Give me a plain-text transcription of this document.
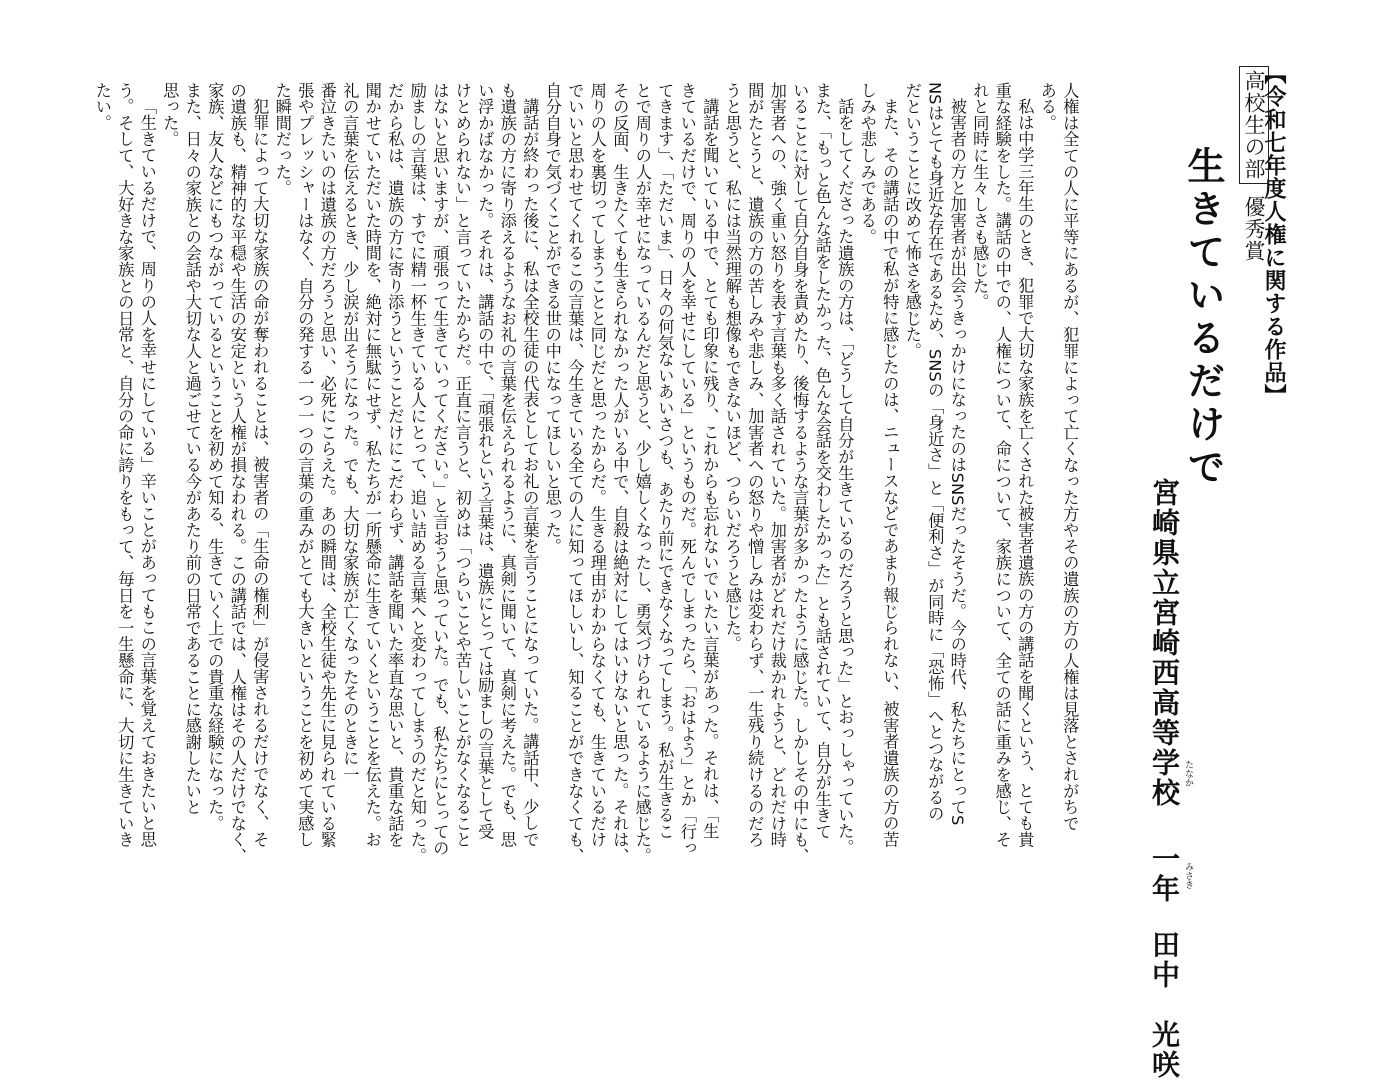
【令和七年度人権に関する作品】
高校生の部優秀賞
生きているだけで
宮崎県立宮崎西高等学校一年田中光咲
たなか
みさき
人権は全ての人に平等にあるが、犯罪によって亡くなった方やその遺族の方の人権は見落とされがちで
ある。
私は中学三年生のとき、犯罪で大切な家族を亡くされた被害者遺族の方の講話を聞くという、とても貴
重な経験をした。講話の中での、人権について、命について、家族について、全ての話に重みを感じ、そ
れと同時に生々しさも感じた。
被害者の方と加害者が出会うきっかけになったのはSNSだったそうだ。今の時代、私たちにとってS
NSはとても身近な存在であるため、SNSの「身近さ」と「便利さ」が同時に「恐怖」へとつながるの
だということに改めて怖さを感じた。
また、その講話の中で私が特に感じたのは、ニュースなどであまり報じられない、被害者遺族の方の苦
しみや悲しみである。
話をしてくださった遺族の方は、「どうして自分が生きているのだろうと思った」とおっしゃっていた。
また、「もっと色んな話をしたかった、色んな会話を交わしたかった」とも話されていて、自分が生きて
いることに対して自分自身を責めたり、後悔するような言葉が多かったように感じた。しかしその中にも、
加害者への、強く重い怒りを表す言葉も多く話されていた。加害者がどれだけ裁かれようと、どれだけ時
間がたとうと、遺族の方の苦しみや悲しみ、加害者への怒りや憎しみは変わらず、一生残り続けるのだろ
うと思うと、私には当然理解も想像もできないほど、つらいだろうと感じた。
講話を聞いている中で、とても印象に残り、これからも忘れないでいたい言葉があった。それは、「生
きているだけで、周りの人を幸せにしている」というものだ。死んでしまったら、「おはよう」とか「行っ
てきます」、「ただいま」、日々の何気ないあいさつも、あたり前にできなくなってしまう。私が生きるこ
とで周りの人が幸せになっているんだと思うと、少し嬉しくなったし、勇気づけられているように感じた。
その反面、生きたくても生きられなかった人がいる中で、自殺は絶対にしてはいけないと思った。それは、
周りの人を裏切ってしまうことと同じだと思ったからだ。生きる理由がわからなくても、生きているだけ
でいいと思わせてくれるこの言葉は、今生きている全ての人に知ってほしいし、知ることができなくても、
自分自身で気づくことができる世の中になってほしいと思った。
講話が終わった後に、私は全校生徒の代表としてお礼の言葉を言うことになっていた。講話中、少しで
も遺族の方に寄り添えるようなお礼の言葉を伝えられるように、真剣に聞いて、真剣に考えた。でも、思
い浮かばなかった。それは、講話の中で、「頑張れという言葉は、遺族にとっては励ましの言葉として受
けとめられない」と言っていたからだ。正直に言うと、初めは「つらいことや苦しいことがなくなること
はないと思いますが、頑張って生きていってください。」と言おうと思っていた。でも、私たちにとっての
励ましの言葉は、すでに精一杯生きている人にとって、追い詰める言葉へと変わってしまうのだと知った。
だから私は、遺族の方に寄り添うということだけにこだわらず、講話を聞いた率直な思いと、貴重な話を
聞かせていただいた時間を、絶対に無駄にせず、私たちが一所懸命に生きていくということを伝えた。お
礼の言葉を伝えるとき、少し涙が出そうになった。でも、大切な家族が亡くなったそのときに一
番泣きたいのは遺族の方だろうと思い、必死にこらえた。あの瞬間は、全校生徒や先生に見られている緊
張やプレッシャーはなく、自分の発する一つ一つの言葉の重みがとても大きいということを初めて実感し
た瞬間だった。
犯罪によって大切な家族の命が奪われることは、被害者の「生命の権利」が侵害されるだけでなく、そ
の遺族も、精神的な平穏や生活の安定という人権が損なわれる。この講話では、人権はその人だけでなく、
家族、友人などにもつながっているということを初めて知る、生きていく上での貴重な経験になった。
また、日々の家族との会話や大切な人と過ごせている今があたり前の日常であることに感謝したいと
思った。
「生きているだけで、周りの人を幸せにしている」辛いことがあってもこの言葉を覚えておきたいと思
う。そして、大好きな家族との日常と、自分の命に誇りをもって、毎日を一生懸命に、大切に生きていき
たい。
